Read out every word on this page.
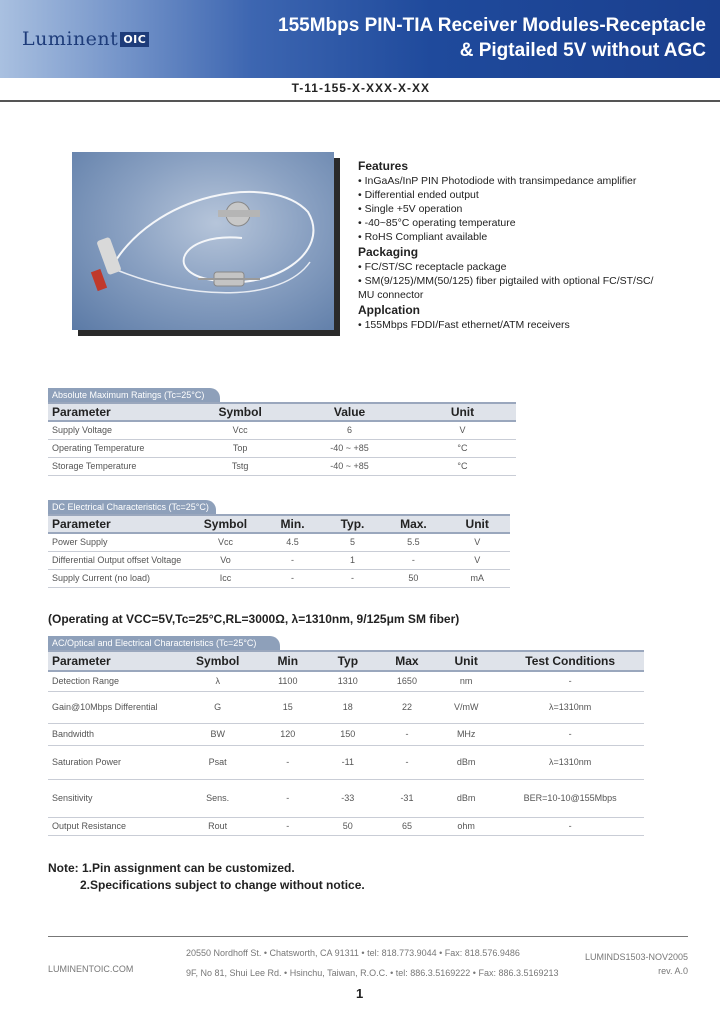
Luminent OIC
155Mbps PIN-TIA Receiver Modules-Receptacle
& Pigtailed 5V without AGC
T-11-155-X-XXX-X-XX
Features
• InGaAs/InP PIN Photodiode with transimpedance amplifier
• Differential ended output
• Single +5V operation
• -40~85°C operating temperature
• RoHS Compliant available
Packaging
• FC/ST/SC receptacle package
• SM(9/125)/MM(50/125) fiber pigtailed with optional FC/ST/SC/
MU connector
Applcation
• 155Mbps FDDI/Fast ethernet/ATM receivers
Absolute Maximum Ratings (Tc=25°C)
Parameter	Symbol	Value	Unit
Supply Voltage	Vcc	6	V
Operating Temperature	Top	-40 ~ +85	°C
Storage Temperature	Tstg	-40 ~ +85	°C
DC Electrical Characteristics (Tc=25°C)
Parameter	Symbol	Min.	Typ.	Max.	Unit
Power Supply	Vcc	4.5	5	5.5	V
Differential Output offset Voltage	Vo	-	1	-	V
Supply Current (no load)	Icc	-	-	50	mA
(Operating at VCC=5V,Tc=25°C,RL=3000Ω, λ=1310nm, 9/125μm SM fiber)
AC/Optical and Electrical Characteristics (Tc=25°C)
Parameter	Symbol	Min	Typ	Max	Unit	Test Conditions
Detection Range	λ	1100	1310	1650	nm	-
Gain@10Mbps Differential	G	15	18	22	V/mW	λ=1310nm
Bandwidth	BW	120	150	-	MHz	-
Saturation Power	Psat	-	-11	-	dBm	λ=1310nm
Sensitivity	Sens.	-	-33	-31	dBm	BER=10-10@155Mbps
Output Resistance	Rout	-	50	65	ohm	-
Note: 1.Pin assignment can be customized.
2.Specifications subject to change without notice.
LUMINENTOIC.COM
20550 Nordhoff St. • Chatsworth, CA 91311 • tel: 818.773.9044 • Fax: 818.576.9486
9F, No 81, Shui Lee Rd. • Hsinchu, Taiwan, R.O.C. • tel: 886.3.5169222 • Fax: 886.3.5169213
LUMINDS1503-NOV2005
rev. A.0
1
